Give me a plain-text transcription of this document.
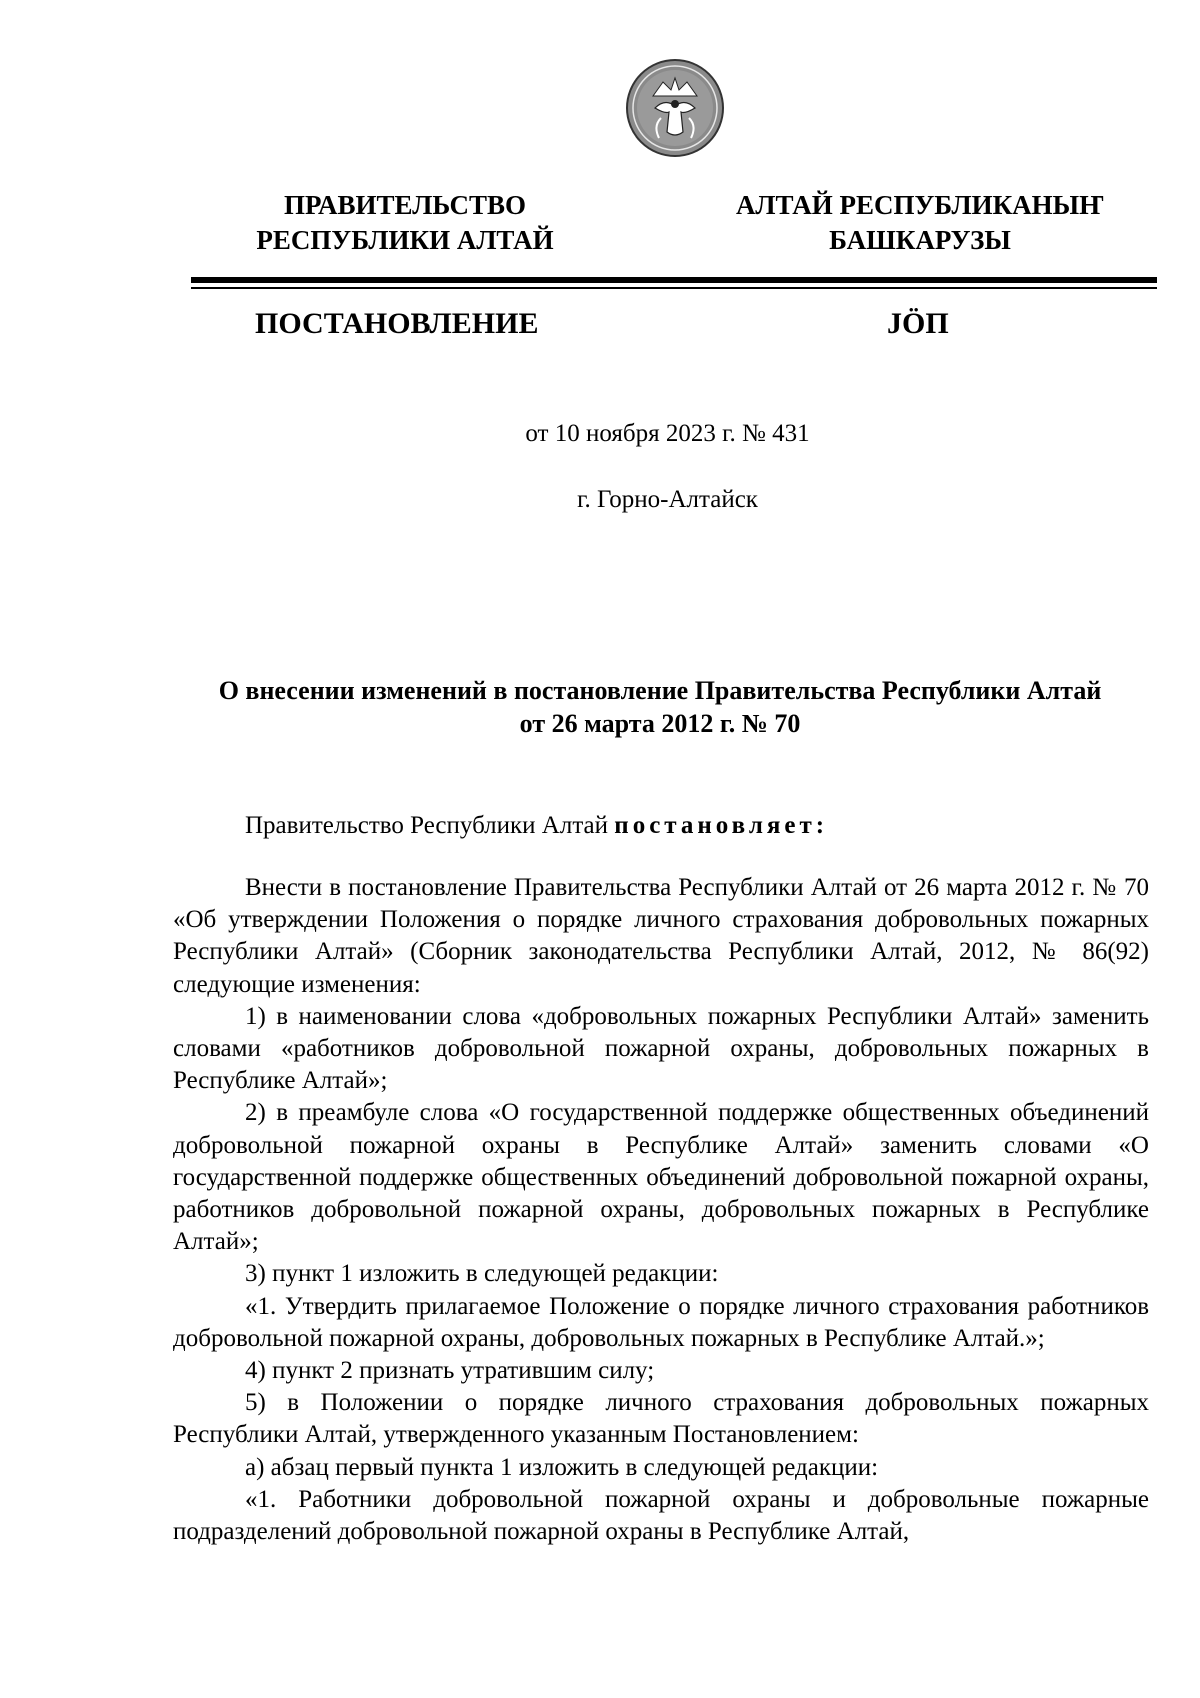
ПРАВИТЕЛЬСТВО
РЕСПУБЛИКИ АЛТАЙ
АЛТАЙ РЕСПУБЛИКАНЫҤ
БАШКАРУЗЫ
ПОСТАНОВЛЕНИЕ	JӦП
от 10 ноября 2023 г. № 431
г. Горно-Алтайск
О внесении изменений в постановление Правительства Республики Алтай
от 26 марта 2012 г. № 70
Правительство Республики Алтай постановляет:

Внести в постановление Правительства Республики Алтай от 26 марта 2012 г. № 70 «Об утверждении Положения о порядке личного страхования добровольных пожарных Республики Алтай» (Сборник законодательства Республики Алтай, 2012, № 86(92) следующие изменения:

1) в наименовании слова «добровольных пожарных Республики Алтай» заменить словами «работников добровольной пожарной охраны, добровольных пожарных в Республике Алтай»;

2) в преамбуле слова «О государственной поддержке общественных объединений добровольной пожарной охраны в Республике Алтай» заменить словами «О государственной поддержке общественных объединений добровольной пожарной охраны, работников добровольной пожарной охраны, добровольных пожарных в Республике Алтай»;

3) пункт 1 изложить в следующей редакции:

«1. Утвердить прилагаемое Положение о порядке личного страхования работников добровольной пожарной охраны, добровольных пожарных в Республике Алтай.»;

4) пункт 2 признать утратившим силу;

5) в Положении о порядке личного страхования добровольных пожарных Республики Алтай, утвержденного указанным Постановлением:

а) абзац первый пункта 1 изложить в следующей редакции:

«1. Работники добровольной пожарной охраны и добровольные пожарные подразделений добровольной пожарной охраны в Республике Алтай,
